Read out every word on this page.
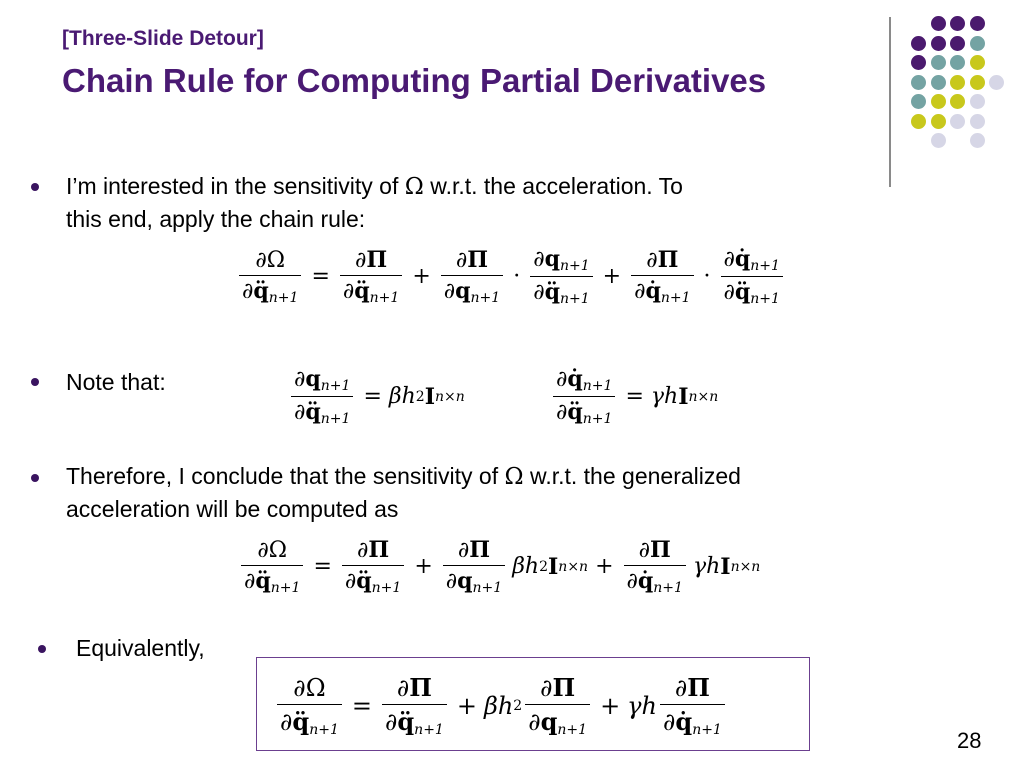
[Three-Slide Detour]
Chain Rule for Computing Partial Derivatives
I’m interested in the sensitivity of Ω w.r.t. the acceleration. To
this end, apply the chain rule:
$\frac{\partial\Omega}{\partial q̈_{n+1}} = \frac{\partial\Pi}{\partial q̈_{n+1}} + \frac{\partial\Pi}{\partial q_{n+1}} \cdot \frac{\partial q_{n+1}}{\partial q̈_{n+1}} + \frac{\partial\Pi}{\partial q̇_{n+1}} \cdot \frac{\partial q̇_{n+1}}{\partial q̈_{n+1}}$
Note that:	$\frac{\partial q_{n+1}}{\partial q̈_{n+1}} = \beta h$ 2 I n×n	$\frac{\partial q̇_{n+1}}{\partial q̈_{n+1}} = \gamma h$ I n×n
Therefore, I conclude that the sensitivity of Ω w.r.t. the generalized
acceleration will be computed as
$\frac{\partial\Omega}{\partial q̈_{n+1}} = \frac{\partial\Pi}{\partial q̈_{n+1}} + \frac{\partial\Pi}{\partial q_{n+1}}$ βh 2 I $n\times n + \frac{\partial\Pi}{\partial q̇_{n+1}}$ γh I n×n
Equivalently,
$\frac{\partial\Omega}{\partial q̈_{n+1}} = \frac{\partial\Pi}{\partial q̈_{n+1}} + \beta h$ $2 \frac{\partial\Pi}{\partial q_{n+1}} + \gamma h \frac{\partial\Pi}{\partial q̇_{n+1}}$
28
